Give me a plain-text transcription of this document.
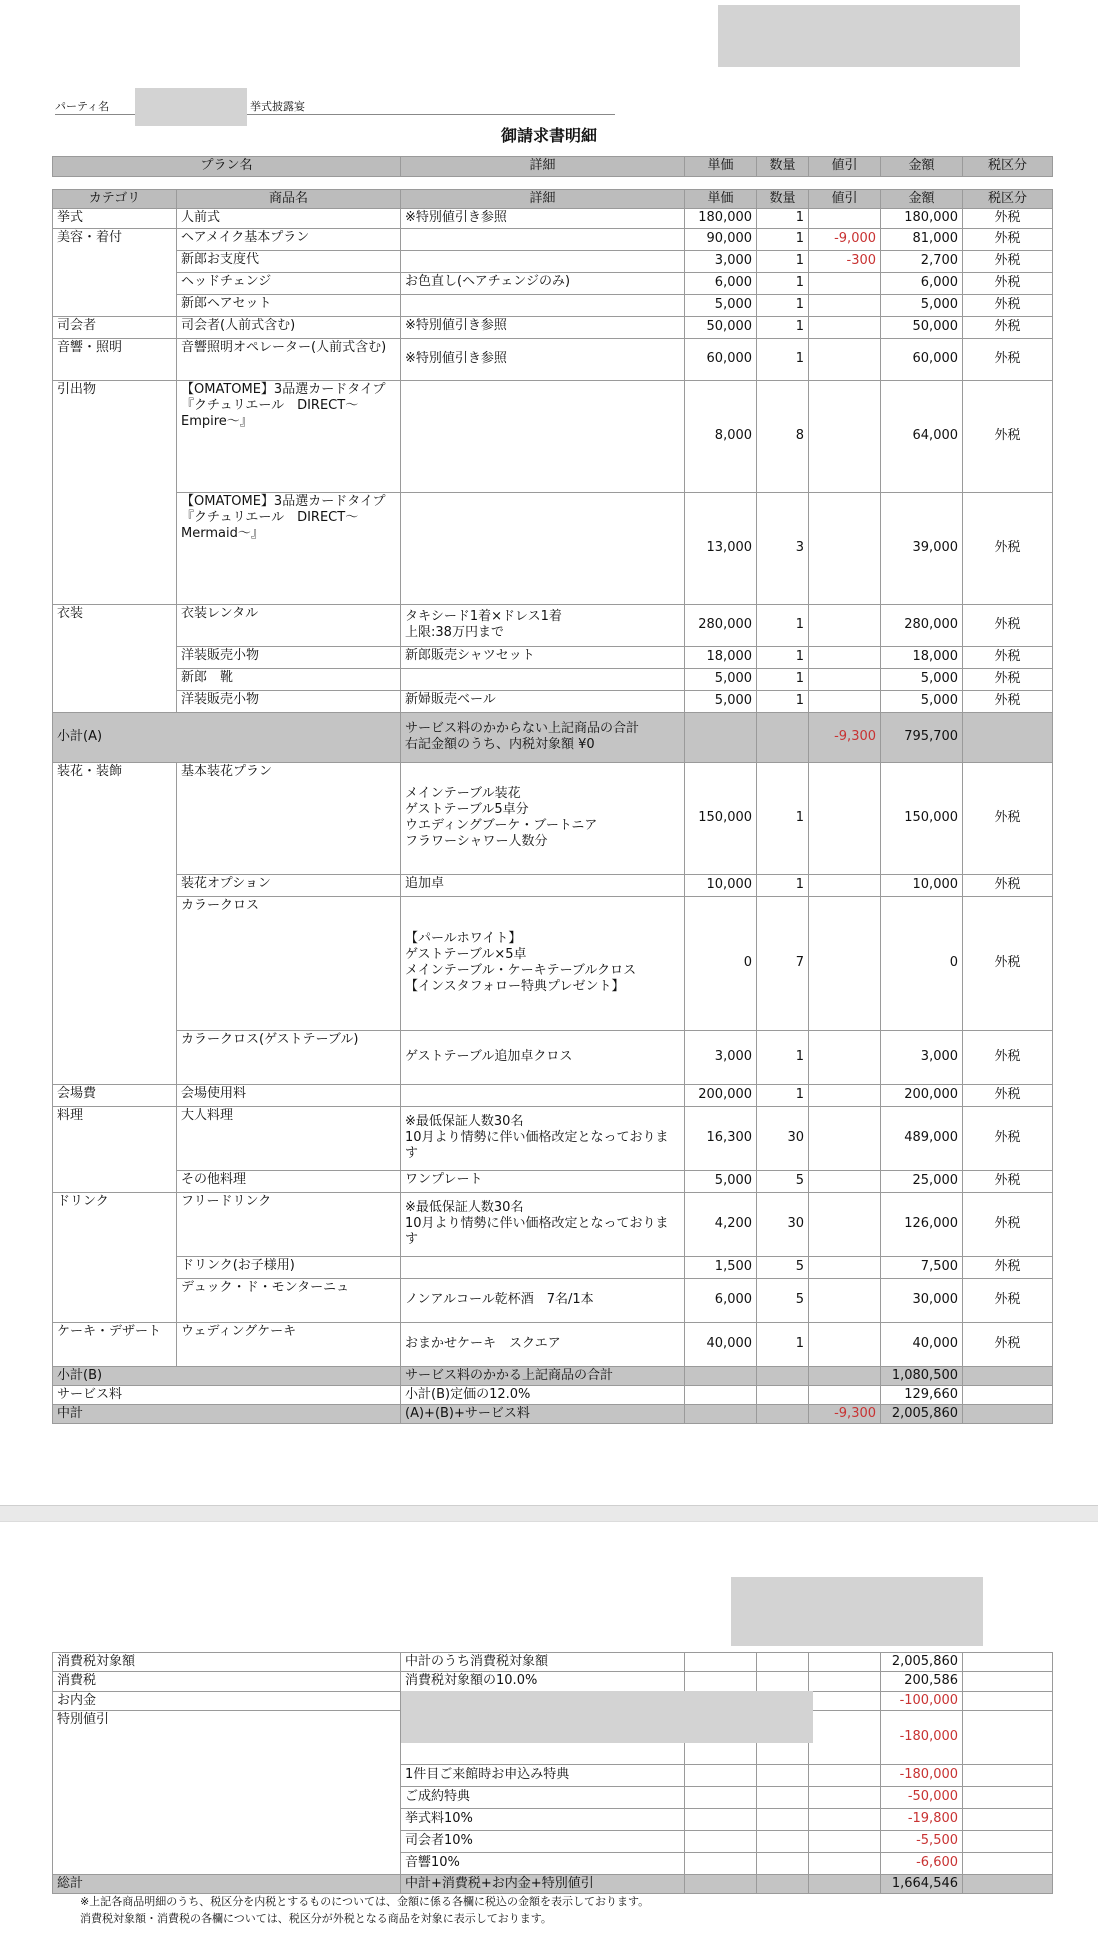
パーティ名	挙式披露宴
御請求書明細
プラン名		詳細	単価	数量	値引	金額	税区分

カテゴリ	商品名	詳細	単価	数量	値引	金額	税区分
挙式	人前式	※特別値引き参照	180,000	1		180,000	外税
美容・着付	ヘアメイク基本プラン		90,000	1	-9,000	81,000	外税
	新郎お支度代		3,000	1	-300	2,700	外税
	ヘッドチェンジ	お色直し(ヘアチェンジのみ)	6,000	1		6,000	外税
	新郎ヘアセット		5,000	1		5,000	外税
司会者	司会者(人前式含む)	※特別値引き参照	50,000	1		50,000	外税
音響・照明	音響照明オペレーター(人前式含む)	※特別値引き参照	60,000	1		60,000	外税
引出物	【OMATOME】3品選カードタイプ『クチュリエール　DIRECT〜Empire〜』		8,000	8		64,000	外税
	【OMATOME】3品選カードタイプ『クチュリエール　DIRECT〜Mermaid〜』		13,000	3		39,000	外税
衣装	衣装レンタル	タキシード1着×ドレス1着
上限:38万円まで	280,000	1		280,000	外税
	洋装販売小物	新郎販売シャツセット	18,000	1		18,000	外税
	新郎　靴		5,000	1		5,000	外税
	洋装販売小物	新婦販売ベール	5,000	1		5,000	外税
小計(A)		サービス料のかからない上記商品の合計
右記金額のうち、内税対象額 ¥0			-9,300	795,700	
装花・装飾	基本装花プラン	メインテーブル装花
ゲストテーブル5卓分
ウエディングブーケ・ブートニア
フラワーシャワー人数分	150,000	1		150,000	外税
	装花オプション	追加卓	10,000	1		10,000	外税
	カラークロス	【パールホワイト】
ゲストテーブル×5卓
メインテーブル・ケーキテーブルクロス
【インスタフォロー特典プレゼント】	0	7		0	外税
	カラークロス(ゲストテーブル)	ゲストテーブル追加卓クロス	3,000	1		3,000	外税
会場費	会場使用料		200,000	1		200,000	外税
料理	大人料理	※最低保証人数30名
10月より情勢に伴い価格改定となっております	16,300	30		489,000	外税
	その他料理	ワンプレート	5,000	5		25,000	外税
ドリンク	フリードリンク	※最低保証人数30名
10月より情勢に伴い価格改定となっております	4,200	30		126,000	外税
	ドリンク(お子様用)		1,500	5		7,500	外税
	デュック・ド・モンターニュ	ノンアルコール乾杯酒　7名/1本	6,000	5		30,000	外税
ケーキ・デザート	ウェディングケーキ	おまかせケーキ　スクエア	40,000	1		40,000	外税
小計(B)		サービス料のかかる上記商品の合計				1,080,500	
サービス料		小計(B)定価の12.0%				129,660	
中計		(A)+(B)+サービス料			-9,300	2,005,860	
消費税対象額	中計のうち消費税対象額				2,005,860	
消費税	消費税対象額の10.0%				200,586	
お内金					-100,000	
特別値引					-180,000	
	1件目ご来館時お申込み特典				-180,000	
	ご成約特典				-50,000	
	挙式料10%				-19,800	
	司会者10%				-5,500	
	音響10%				-6,600	
総計	中計+消費税+お内金+特別値引				1,664,546	
※上記各商品明細のうち、税区分を内税とするものについては、金額に係る各欄に税込の金額を表示しております。
消費税対象額・消費税の各欄については、税区分が外税となる商品を対象に表示しております。
